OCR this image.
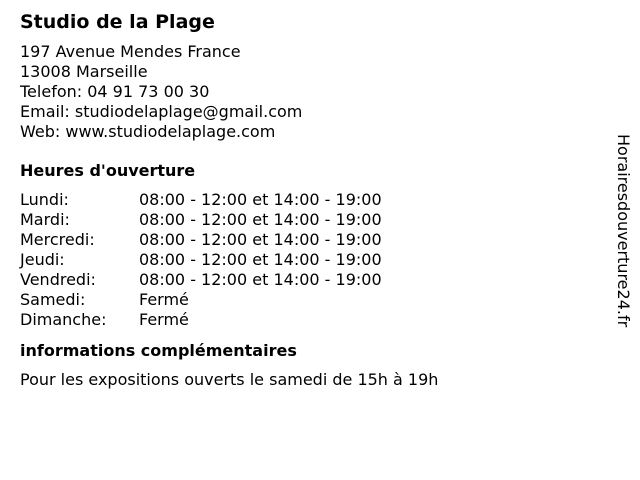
Studio de la Plage
197 Avenue Mendes France
13008 Marseille
Telefon: 04 91 73 00 30
Email: studiodelaplage@gmail.com
Web: www.studiodelaplage.com
Heures d'ouverture
Lundi:	08:00 - 12:00 et 14:00 - 19:00
Mardi:	08:00 - 12:00 et 14:00 - 19:00
Mercredi:	08:00 - 12:00 et 14:00 - 19:00
Jeudi:	08:00 - 12:00 et 14:00 - 19:00
Vendredi:	08:00 - 12:00 et 14:00 - 19:00
Samedi:	Fermé
Dimanche:	Fermé
informations complémentaires
Pour les expositions ouverts le samedi de 15h à 19h
Horairesdouverture24.fr
